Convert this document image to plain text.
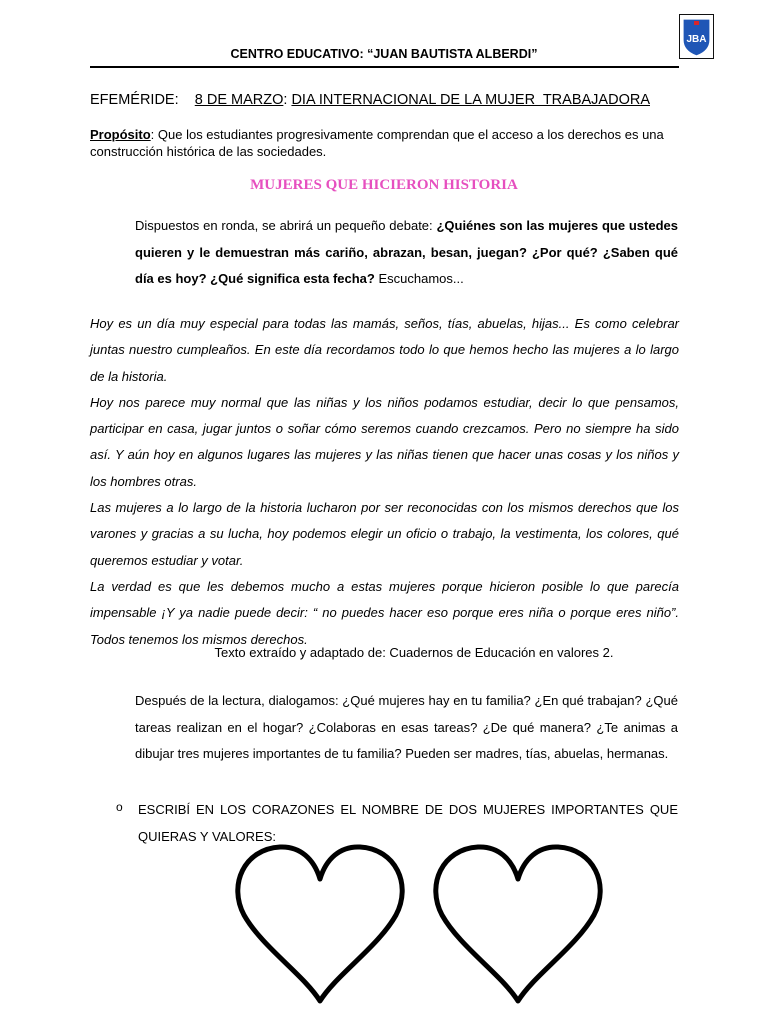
CENTRO EDUCATIVO: “JUAN BAUTISTA ALBERDI”
JBA
EFEMÉRIDE: 8 DE MARZO: DIA INTERNACIONAL DE LA MUJER  TRABAJADORA
Propósito: Que los estudiantes progresivamente comprendan que el acceso a los derechos es una construcción histórica de las sociedades.
MUJERES QUE HICIERON HISTORIA
Dispuestos en ronda, se abrirá un pequeño debate: ¿Quiénes son las mujeres que ustedes quieren y le demuestran más cariño, abrazan, besan, juegan? ¿Por qué? ¿Saben qué día es hoy? ¿Qué significa esta fecha? Escuchamos...

Hoy es un día muy especial para todas las mamás, seños, tías, abuelas, hijas... Es como celebrar juntas nuestro cumpleaños. En este día recordamos todo lo que hemos hecho las mujeres a lo largo de la historia.

Hoy nos parece muy normal que las niñas y los niños podamos estudiar, decir lo que pensamos, participar en casa, jugar juntos o soñar cómo seremos cuando crezcamos. Pero no siempre ha sido así. Y aún hoy en algunos lugares las mujeres y las niñas tienen que hacer unas cosas y los niños y los hombres otras.

Las mujeres a lo largo de la historia lucharon por ser reconocidas con los mismos derechos que los varones y gracias a su lucha, hoy podemos elegir un oficio o trabajo, la vestimenta, los colores, qué queremos estudiar y votar.

La verdad es que les debemos mucho a estas mujeres porque hicieron posible lo que parecía impensable ¡Y ya nadie puede decir: “ no puedes hacer eso porque eres niña o porque eres niño”. Todos tenemos los mismos derechos.

Texto extraído y adaptado de: Cuadernos de Educación en valores 2.
Después de la lectura, dialogamos: ¿Qué mujeres hay en tu familia? ¿En qué trabajan? ¿Qué tareas realizan en el hogar? ¿Colaboras en esas tareas? ¿De qué manera? ¿Te animas a dibujar tres mujeres importantes de tu familia? Pueden ser madres, tías, abuelas, hermanas.
o ESCRIBÍ EN LOS CORAZONES EL NOMBRE DE DOS MUJERES IMPORTANTES QUE QUIERAS Y VALORES:
